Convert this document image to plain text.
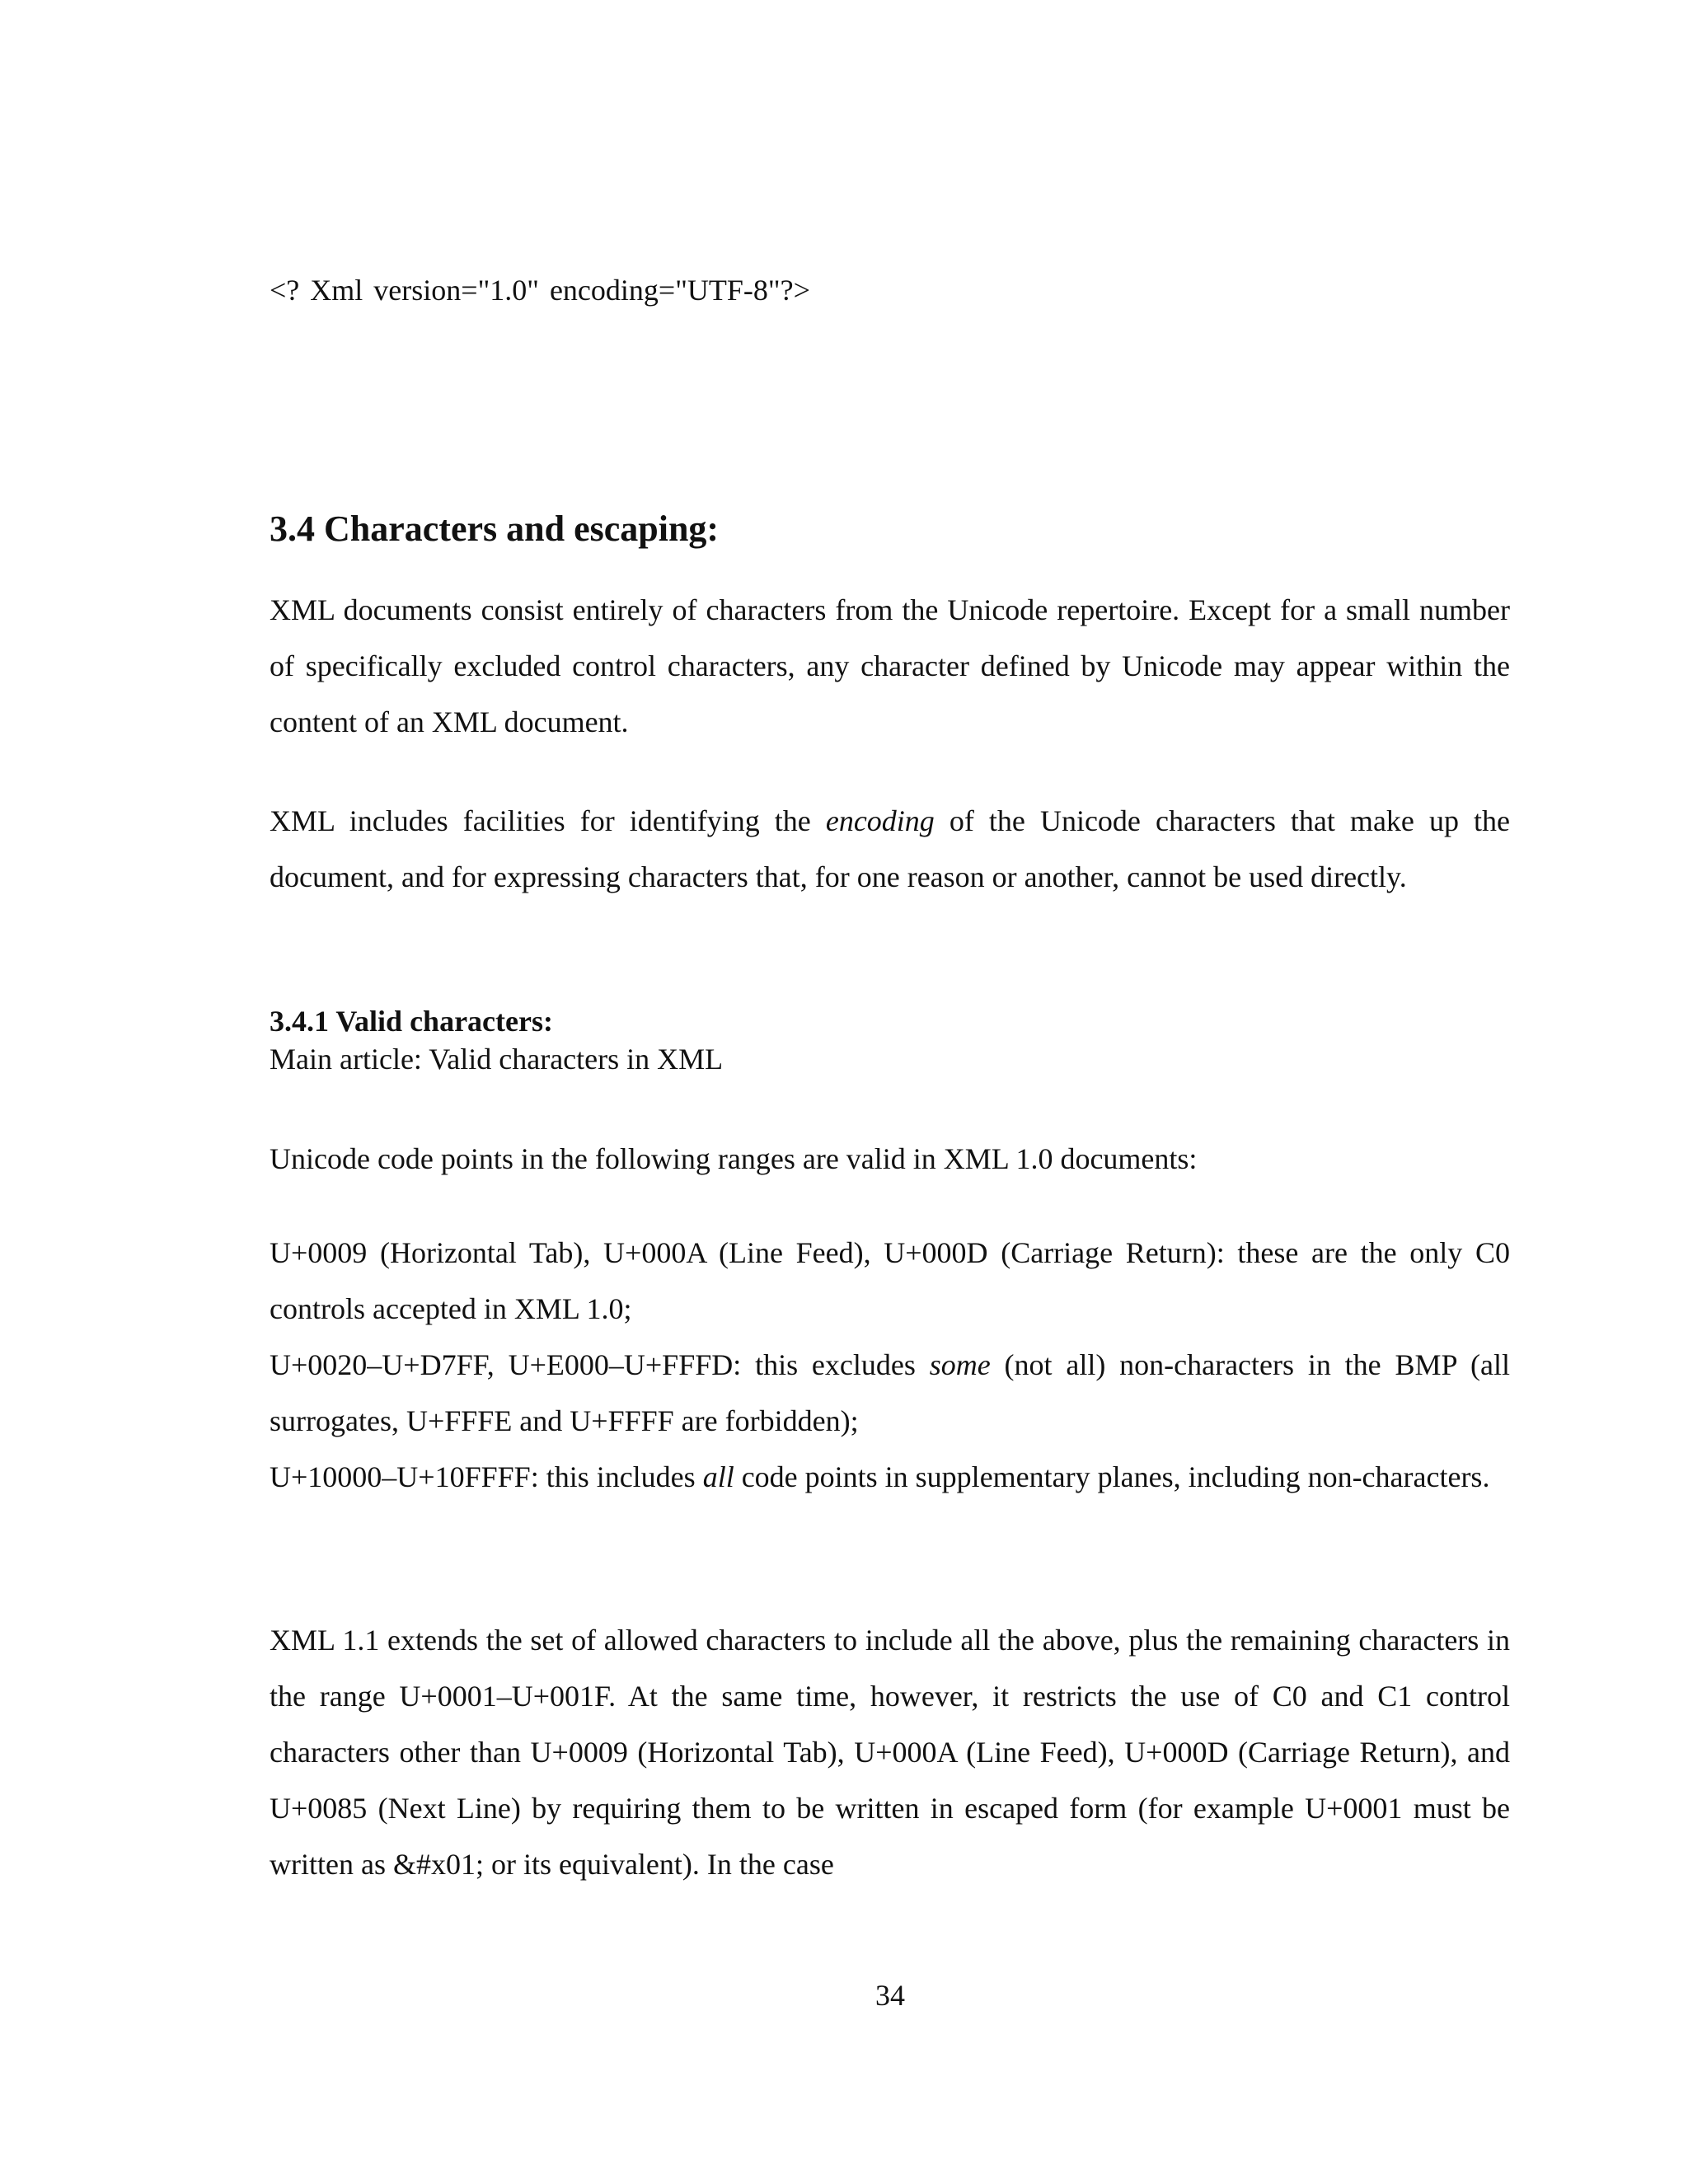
<? Xml version="1.0" encoding="UTF-8"?>
3.4 Characters and escaping:
XML documents consist entirely of characters from the Unicode repertoire. Except for a small number of specifically excluded control characters, any character defined by Unicode may appear within the content of an XML document.
XML includes facilities for identifying the encoding of the Unicode characters that make up the document, and for expressing characters that, for one reason or another, cannot be used directly.
3.4.1 Valid characters:
Main article: Valid characters in XML
Unicode code points in the following ranges are valid in XML 1.0 documents:
U+0009 (Horizontal Tab), U+000A (Line Feed), U+000D (Carriage Return): these are the only C0 controls accepted in XML 1.0;
U+0020–U+D7FF, U+E000–U+FFFD: this excludes some (not all) non-characters in the BMP (all surrogates, U+FFFE and U+FFFF are forbidden);
U+10000–U+10FFFF: this includes all code points in supplementary planes, including non-characters.
XML 1.1 extends the set of allowed characters to include all the above, plus the remaining characters in the range U+0001–U+001F. At the same time, however, it restricts the use of C0 and C1 control characters other than U+0009 (Horizontal Tab), U+000A (Line Feed), U+000D (Carriage Return), and U+0085 (Next Line) by requiring them to be written in escaped form (for example U+0001 must be written as &#x01; or its equivalent). In the case
34
